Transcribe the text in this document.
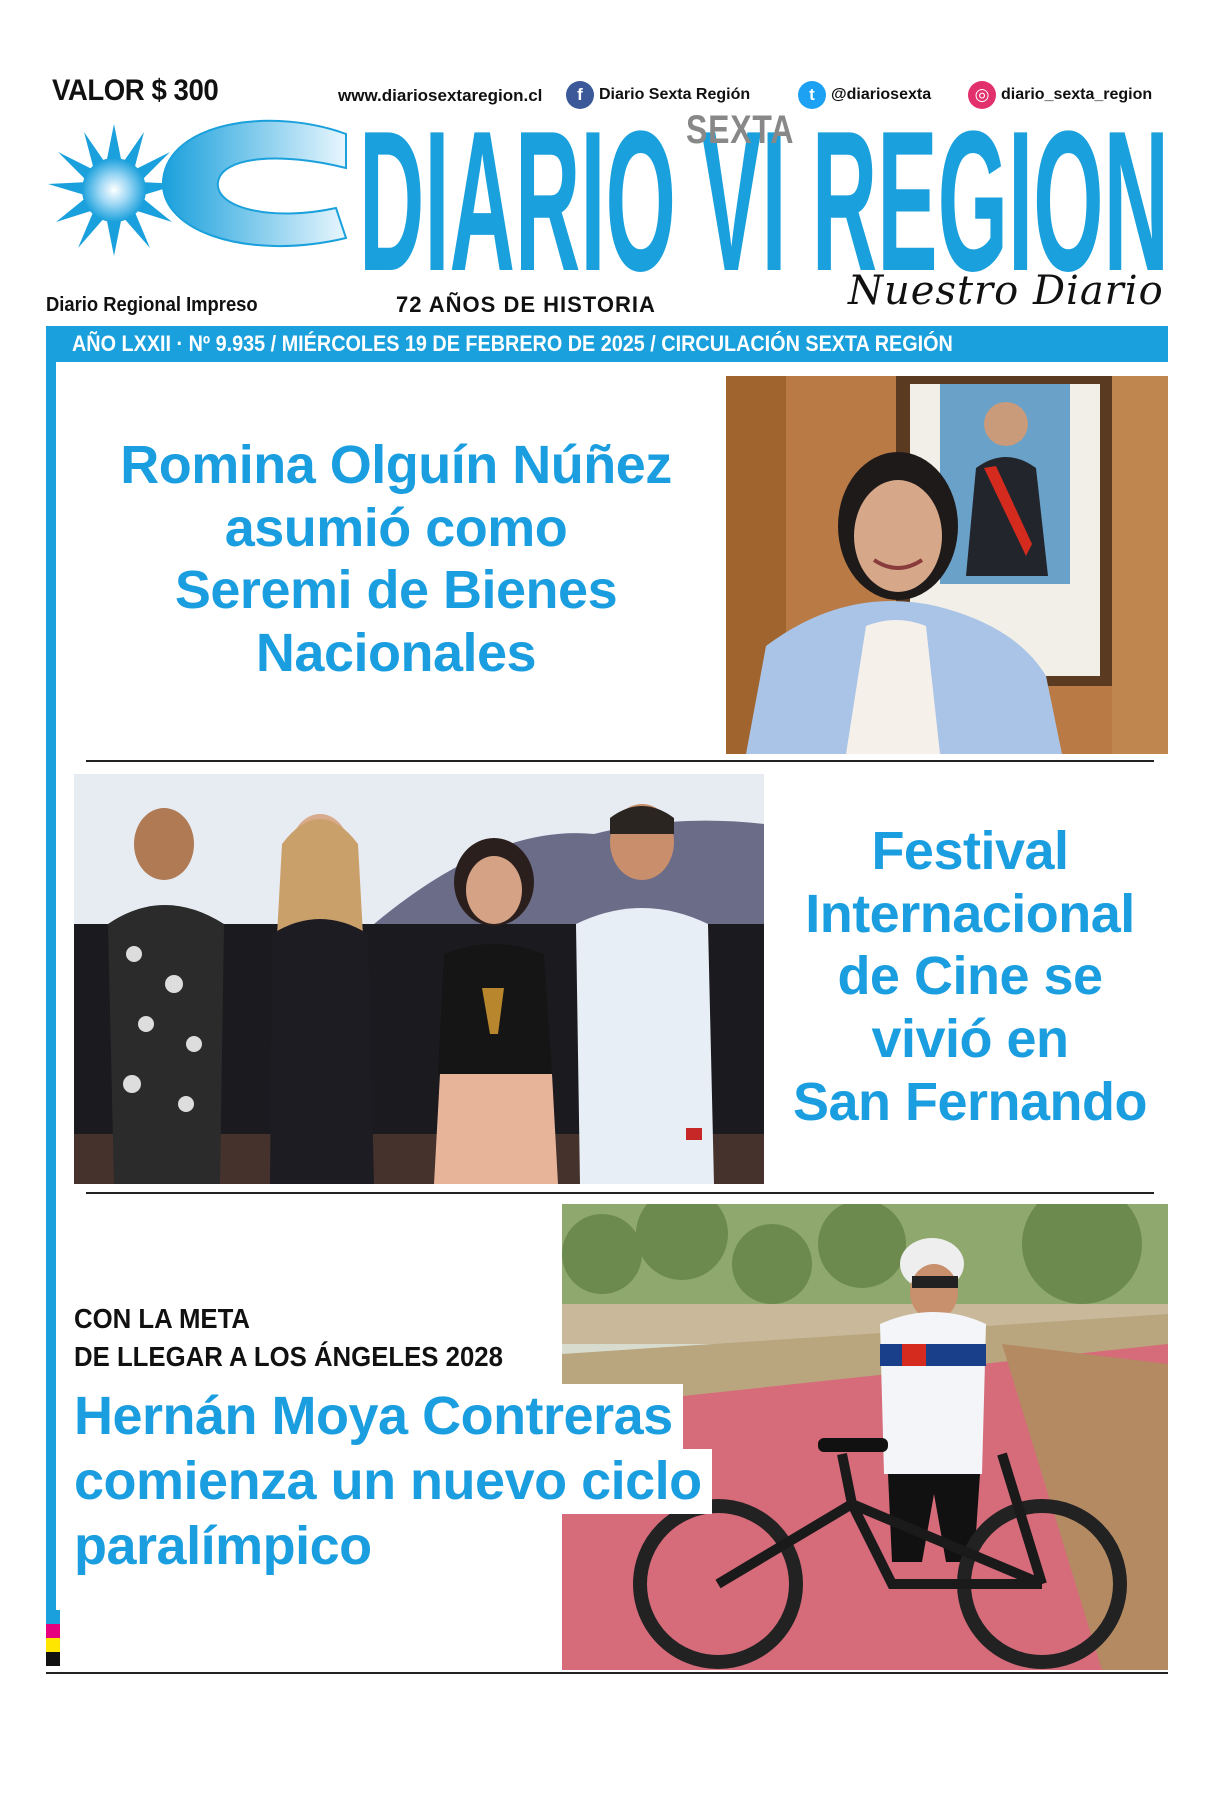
VALOR $ 300	www.diariosextaregion.cl	f	Diario Sexta Región	t	@diariosexta	◎ diario_sexta_region
DIARIO VI REGION
SEXTA
Diario Regional Impreso	72 AÑOS DE HISTORIA	Nuestro Diario
AÑO LXXII · Nº 9.935 / MIÉRCOLES 19 DE FEBRERO DE 2025 / CIRCULACIÓN SEXTA REGIÓN
Romina Olguín Núñez
asumió como
Seremi de Bienes
Nacionales
Festival
Internacional
de Cine se
vivió en
San Fernando
CON LA META
DE LLEGAR A LOS ÁNGELES 2028
Hernán Moya Contreras
comienza un nuevo ciclo
paralímpico
